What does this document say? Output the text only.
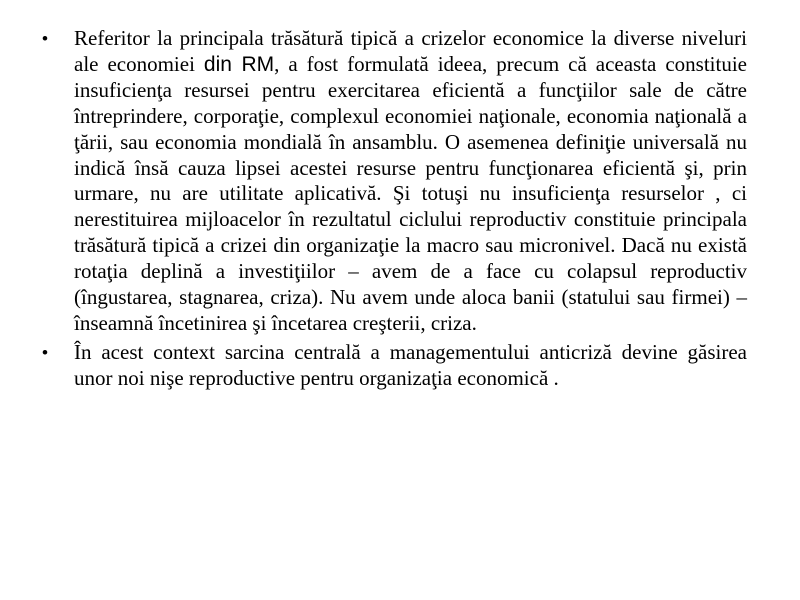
• Referitor la principala trăsătură tipică a crizelor economice la diverse niveluri ale economiei din RM, a fost formulată ideea, precum că aceasta constituie insuficienţa resursei pentru exercitarea eficientă a funcţiilor sale de către întreprindere, corporaţie, complexul economiei naţionale, economia naţională a ţării, sau economia mondială în ansamblu. O asemenea definiţie universală nu indică însă cauza lipsei acestei resurse pentru funcţionarea eficientă şi, prin urmare, nu are utilitate aplicativă. Şi totuşi nu insuficienţa resurselor , ci nerestituirea mijloacelor în rezultatul ciclului reproductiv constituie principala trăsătură tipică a crizei din organizaţie la macro sau micronivel. Dacă nu există rotaţia deplină a investiţiilor – avem de a face cu colapsul reproductiv (îngustarea, stagnarea, criza). Nu avem unde aloca banii (statului sau firmei) – înseamnă încetinirea şi încetarea creşterii, criza.
• În acest context sarcina centrală a managementului anticriză devine găsirea unor noi nişe reproductive pentru organizaţia economică .
